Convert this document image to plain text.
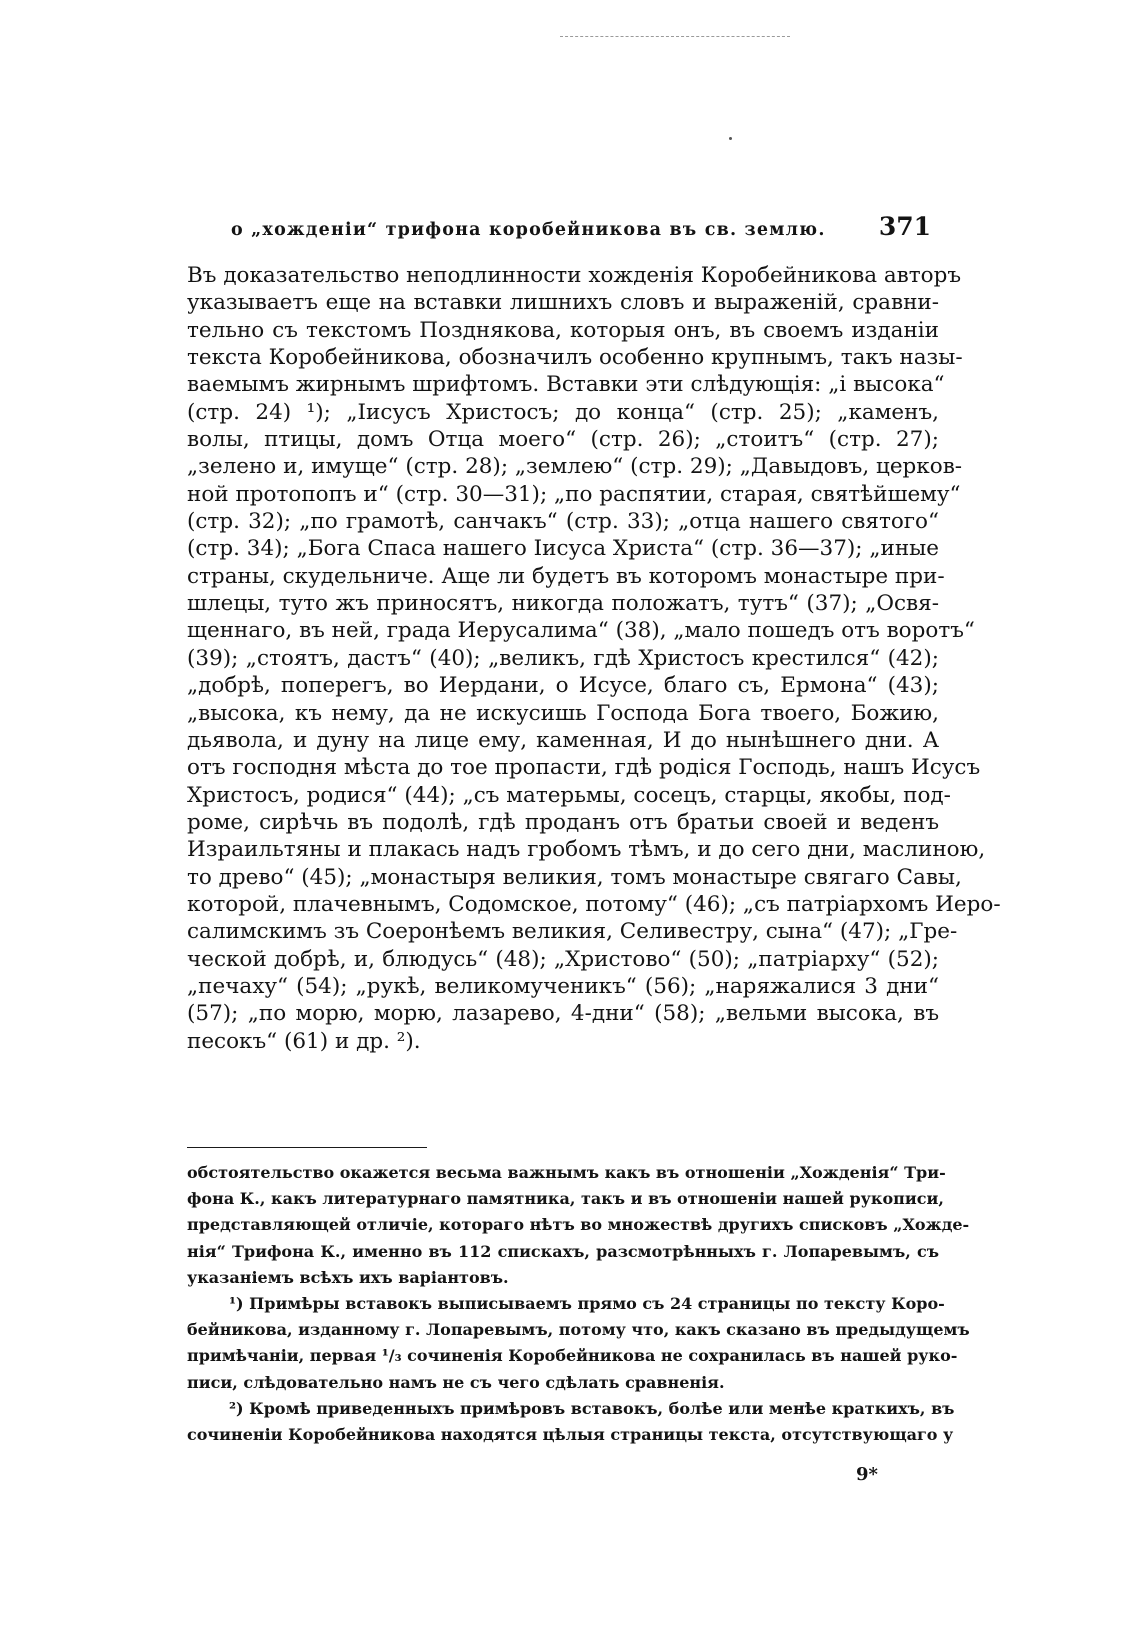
о „хожденіи“ трифона коробейникова въ св. землю. 371
Въ доказательство неподлинности хожденія Коробейникова авторъ
указываетъ еще на вставки лишнихъ словъ и выраженій, сравни-
тельно съ текстомъ Позднякова, которыя онъ, въ своемъ изданіи
текста Коробейникова, обозначилъ особенно крупнымъ, такъ назы-
ваемымъ жирнымъ шрифтомъ. Вставки эти слѣдующія: „і высока“
(стр. 24) ¹); „Іисусъ Христосъ; до конца“ (стр. 25); „каменъ,
волы, птицы, домъ Отца моего“ (стр. 26); „стоитъ“ (стр. 27);
„зелено и, имуще“ (стр. 28); „землею“ (стр. 29); „Давыдовъ, церков-
ной протопопъ и“ (стр. 30—31); „по распятии, старая, святѣйшему“
(стр. 32); „по грамотѣ, санчакъ“ (стр. 33); „отца нашего святого“
(стр. 34); „Бога Спаса нашего Іисуса Христа“ (стр. 36—37); „иные
страны, скудельниче. Аще ли будетъ въ которомъ монастыре при-
шлецы, туто жъ приносятъ, никогда положатъ, тутъ“ (37); „Освя-
щеннаго, въ ней, града Иерусалима“ (38), „мало пошедъ отъ воротъ“
(39); „стоятъ, дастъ“ (40); „великъ, гдѣ Христосъ крестился“ (42);
„добрѣ, поперегъ, во Иердани, о Исусе, благо съ, Ермона“ (43);
„высока, къ нему, да не искусишь Господа Бога твоего, Божию,
дьявола, и дуну на лице ему, каменная, И до нынѣшнего дни. А
отъ господня мѣста до тое пропасти, гдѣ родіся Господь, нашъ Исусъ
Христосъ, родися“ (44); „съ матерьмы, сосецъ, старцы, якобы, под-
роме, сирѣчь въ подолѣ, гдѣ проданъ отъ братьи своей и веденъ
Израильтяны и плакась надъ гробомъ тѣмъ, и до сего дни, маслиною,
то древо“ (45); „монастыря великия, томъ монастыре свягаго Савы,
которой, плачевнымъ, Содомское, потому“ (46); „съ патріархомъ Иеро-
салимскимъ зъ Соеронѣемъ великия, Селивестру, сына“ (47); „Гре-
ческой добрѣ, и, блюдусь“ (48); „Христово“ (50); „патріарху“ (52);
„печаху“ (54); „рукѣ, великомученикъ“ (56); „наряжалися 3 дни“
(57); „по морю, морю, лазарево, 4-дни“ (58); „вельми высока, въ
песокъ“ (61) и др. ²).
обстоятельство окажется весьма важнымъ какъ въ отношеніи „Хожденія“ Три-
фона К., какъ литературнаго памятника, такъ и въ отношеніи нашей рукописи,
представляющей отличіе, котораго нѣтъ во множествѣ другихъ списковъ „Хожде-
нія“ Трифона К., именно въ 112 спискахъ, разсмотрѣнныхъ г. Лопаревымъ, съ
указаніемъ всѣхъ ихъ варіантовъ.
¹) Примѣры вставокъ выписываемъ прямо съ 24 страницы по тексту Коро-
бейникова, изданному г. Лопаревымъ, потому что, какъ сказано въ предыдущемъ
примѣчаніи, первая ¹/₃ сочиненія Коробейникова не сохранилась въ нашей руко-
писи, слѣдовательно намъ не съ чего сдѣлать сравненія.
²) Кромѣ приведенныхъ примѣровъ вставокъ, болѣе или менѣе краткихъ, въ
сочиненіи Коробейникова находятся цѣлыя страницы текста, отсутствующаго у
9*
